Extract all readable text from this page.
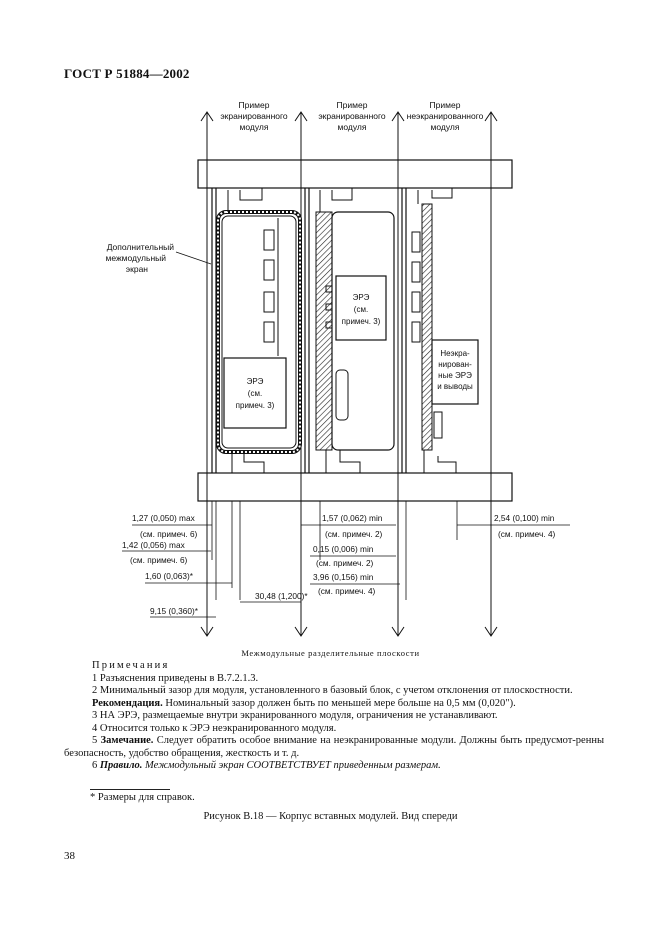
ГОСТ Р 51884—2002
Пример
экранированного
модуля
Пример
экранированного
модуля
Пример
неэкранированного
модуля
ЭРЭ
(см.
примеч. 3)
ЭРЭ
(см.
примеч. 3)
Неэкра-
нирован-
ные ЭРЭ
и выводы
Дополнительный
межмодульный
экран
1,27 (0,050) max
(см. примеч. 6)
1,42 (0,056) max
(см. примеч. 6)
1,60 (0,063)*
30,48 (1,200)*
9,15 (0,360)*
1,57 (0,062) min
(см. примеч. 2)
0,15 (0,006) min
(см. примеч. 2)
3,96 (0,156) min
(см. примеч. 4)
2,54 (0,100) min
(см. примеч. 4)
Межмодульные разделительные плоскости

Примечания

1 Разъяснения приведены в В.7.2.1.3.

2 Минимальный зазор для модуля, установленного в базовый блок, с учетом отклонения от плоскостности.

Рекомендация. Номинальный зазор должен быть по меньшей мере больше на 0,5 мм (0,020").

3 НА ЭРЭ, размещаемые внутри экранированного модуля, ограничения не устанавливают.

4 Относится только к ЭРЭ неэкранированного модуля.

5 Замечание. Следует обратить особое внимание на неэкранированные модули. Должны быть предусмот-ренны безопасность, удобство обращения, жесткость и т. д.

6 Правило. Межмодульный экран СООТВЕТСТВУЕТ приведенным размерам.

* Размеры для справок.
Рисунок В.18 — Корпус вставных модулей. Вид спереди
38
